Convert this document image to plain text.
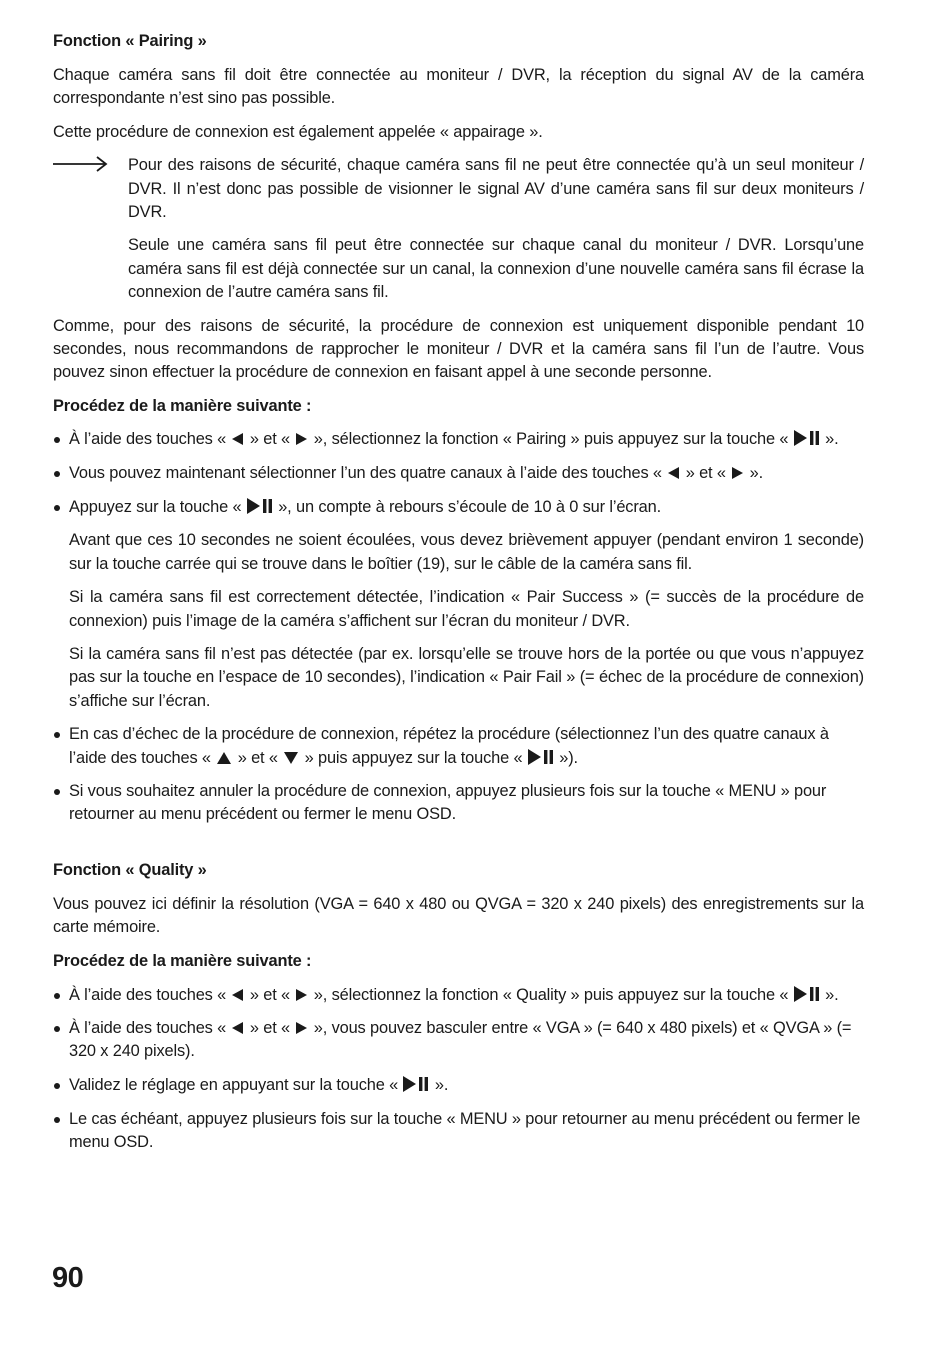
Fonction « Pairing »

Chaque caméra sans fil doit être connectée au moniteur / DVR, la réception du signal AV de la caméra correspondante n’est sino pas possible.

Cette procédure de connexion est également appelée « appairage ».

Pour des raisons de sécurité, chaque caméra sans fil ne peut être connectée qu’à un seul moniteur / DVR. Il n’est donc pas possible de visionner le signal AV d’une caméra sans fil sur deux moniteurs / DVR.

Seule une caméra sans fil peut être connectée sur chaque canal du moniteur / DVR. Lorsqu’une caméra sans fil est déjà connectée sur un canal, la connexion d’une nouvelle caméra sans fil écrase la connexion de l’autre caméra sans fil.

Comme, pour des raisons de sécurité, la procédure de connexion est uniquement disponible pendant 10 secondes, nous recommandons de rapprocher le moniteur / DVR et la caméra sans fil l’un de l’autre. Vous pouvez sinon effectuer la procédure de connexion en faisant appel à une seconde personne.

Procédez de la manière suivante :

À l’aide des touches «  » et «  », sélectionnez la fonction « Pairing » puis appuyez sur la touche «  ».
Vous pouvez maintenant sélectionner l’un des quatre canaux à l’aide des touches «  » et «  ».
Appuyez sur la touche «  », un compte à rebours s’écoule de 10 à 0 sur l’écran.

Avant que ces 10 secondes ne soient écoulées, vous devez brièvement appuyer (pendant environ 1 seconde) sur la touche carrée qui se trouve dans le boîtier (19), sur le câble de la caméra sans fil.

Si la caméra sans fil est correctement détectée, l’indication « Pair Success » (= succès de la procédure de connexion) puis l’image de la caméra s’affichent sur l’écran du moniteur / DVR.

Si la caméra sans fil n’est pas détectée (par ex. lorsqu’elle se trouve hors de la portée ou que vous n’appuyez pas sur la touche en l’espace de 10 secondes), l’indication « Pair Fail » (= échec de la procédure de connexion) s’affiche sur l’écran.

En cas d’échec de la procédure de connexion, répétez la procédure (sélectionnez l’un des quatre canaux à l’aide des touches «  » et «  » puis appuyez sur la touche «  »).
Si vous souhaitez annuler la procédure de connexion, appuyez plusieurs fois sur la touche « MENU » pour retourner au menu précédent ou fermer le menu OSD.

Fonction « Quality »

Vous pouvez ici définir la résolution (VGA = 640 x 480 ou QVGA = 320 x 240 pixels) des enregistrements sur la carte mémoire.

Procédez de la manière suivante :

À l’aide des touches «  » et «  », sélectionnez la fonction « Quality » puis appuyez sur la touche «  ».
À l’aide des touches «  » et «  », vous pouvez basculer entre « VGA » (= 640 x 480 pixels) et « QVGA » (= 320 x 240 pixels).
Validez le réglage en appuyant sur la touche «  ».
Le cas échéant, appuyez plusieurs fois sur la touche « MENU » pour retourner au menu précédent ou fermer le menu OSD.
90
